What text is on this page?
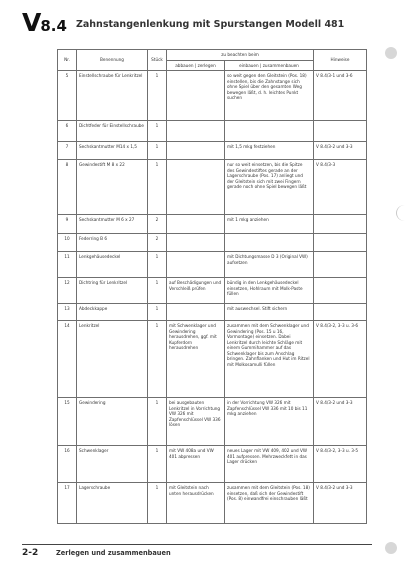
V8.4 Zahnstangenlenkung mit Spurstangen Modell 481
Nr.	Benennung	Stück	zu beachten beim		Hinweise
			abbauen | zerlegen	einbauen | zusammenbauen	
5	Einstellschraube für Lenkritzel	1		so weit gegen den Gleitstein (Pos. 18) einstellen, bis die Zahnstange sich ohne Spiel über den gesamten Weg bewegen läßt, d. h. leichtes Punkt suchen	V 8.4/3-1 und 3-6
6	Dichtfeder für Einstellschraube	1			
7	Sechskantmutter M14 x 1,5	1		mit 1,5 mkg festziehen	V 8.4/3-2 und 3-3
8	Gewindestift M 8 x 22	1		nur so weit einsetzen, bis die Spitze des Gewindestiftes gerade an der Lagerschraube (Pos. 17) anliegt und der Gleitstein sich mit zwei Fingern gerade noch ohne Spiel bewegen läßt	V 8.4/3-3
9	Sechskantmutter M 6 x 27	2		mit 1 mkg anziehen	
10	Federring B 6	2			
11	Lenkgehäusedeckel	1		mit Dichtungsmasse D 3 (Original VW) aufsetzen	
12	Dichtring für Lenkritzel	1	auf Beschädigungen und Verschleiß prüfen	bündig in den Lenkgehäusedeckel einsetzen, Hohlraum mit Molk-Paste füllen	
13	Abdeckkappe	1		mit auswechsel. Stift sichern	
14	Lenkritzel	1	mit Schwenklager und Gewindering herausdrehen, ggf. mit Kupferdorn herausdrehen	zusammen mit dem Schwenklager und Gewindering (Pos. 15 u 16, Vormontage) einsetzen. Dabei Lenkritzel durch leichte Schläge mit einem Gummihammer auf das Schwenklager bis zum Anschlag bringen. Zahnflanken und Hut im Ritzel mit Molkosamulli füllen	V 8.4/3-2, 3-3 u. 3-6
15	Gewindering	1	bei ausgebauten Lenkritzel in Vorrichtung VW 326 mit Zapfenschlüssel VW 336 lösen	in der Vorrichtung VW 326 mit Zapfenschlüssel VW 336 mit 10 bis 11 mkg anziehen	V 8.4/3-2 und 3-3
16	Schwenklager	1	mit VW 408a und VW 401 abpressen	neues Lager mit VW 409, 402 und VW 401 aufpressen. Mehrzweckfett in das Lager drücken	V 8.4/3-2, 3-3 u. 3-5
17	Lagerschraube	1	mit Gleitstein nach unten herausdrücken	zusammen mit dem Gleitstein (Pos. 18) einsetzen, daß sich der Gewindestift (Pos. 8) einwandfrei einschrauben läßt	V 8.4/3-2 und 3-3
2-2	Zerlegen und zusammenbauen
